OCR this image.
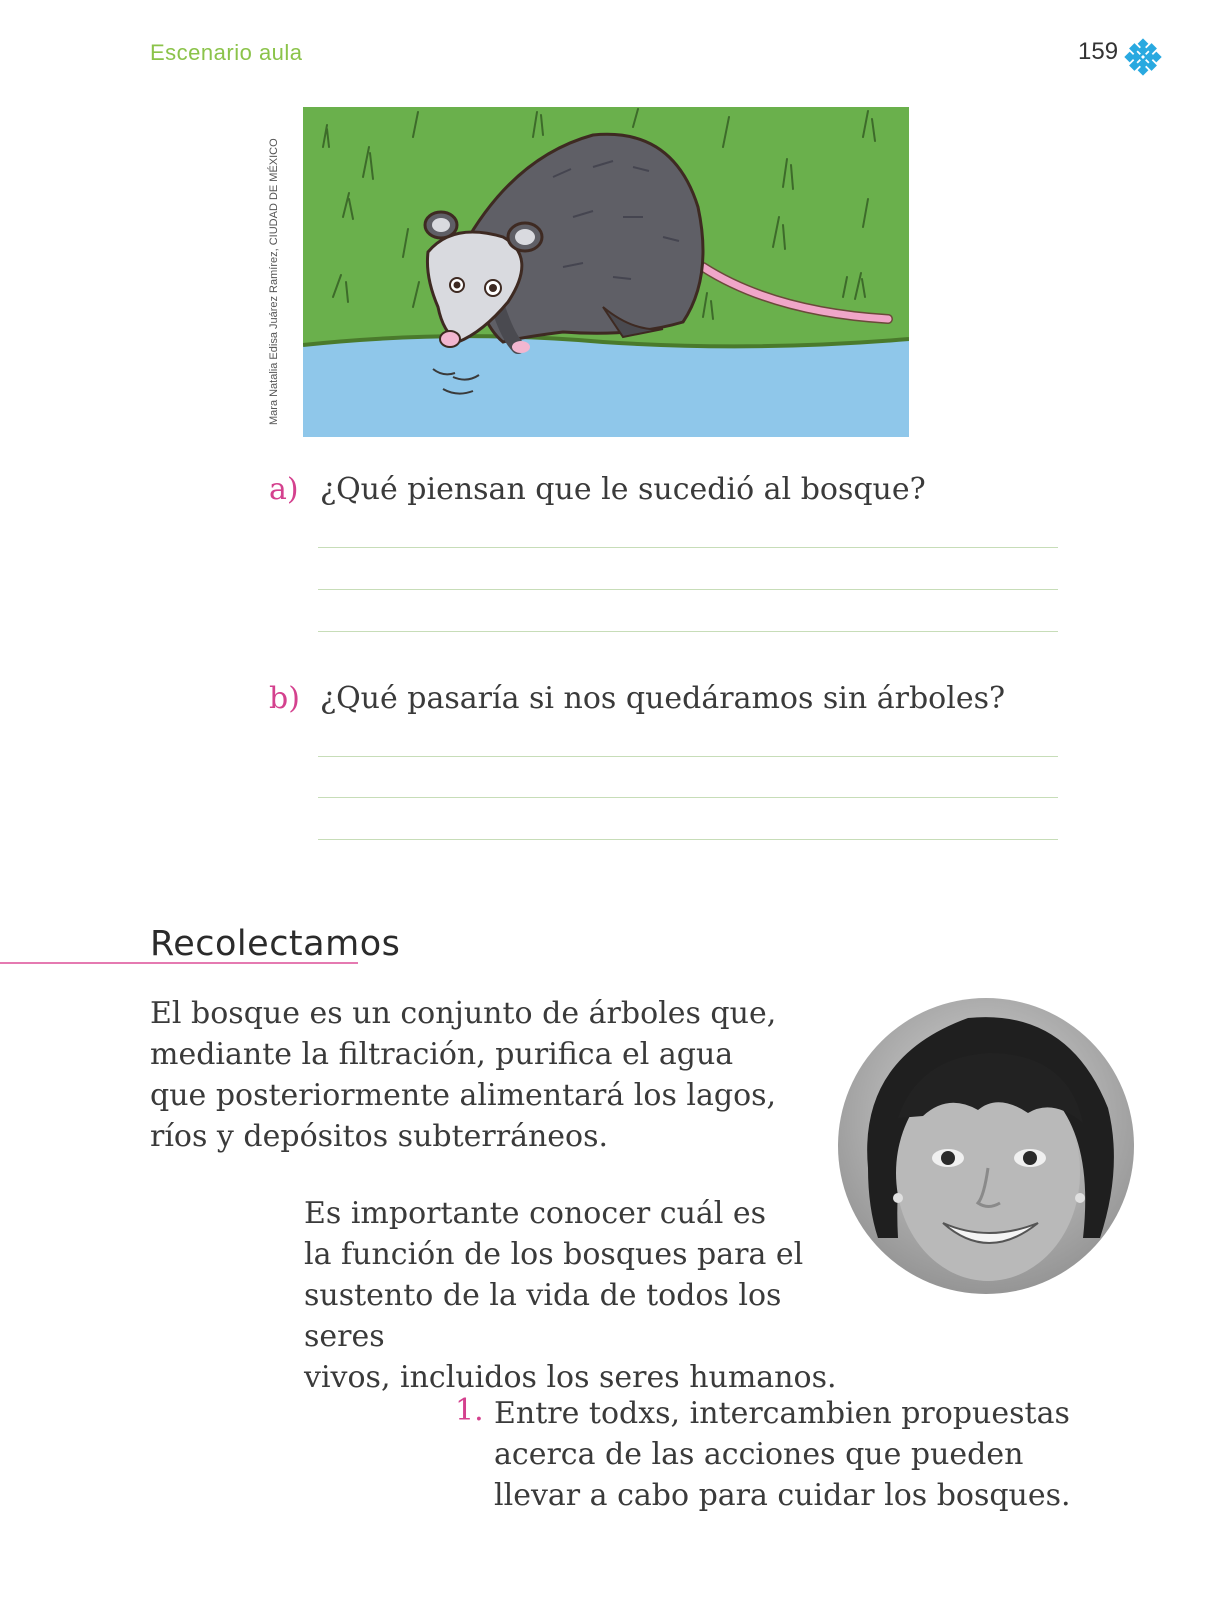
Escenario aula	159
Mara Natalia Edisa Juárez Ramírez, CIUDAD DE MÉXICO
a) ¿Qué piensan que le sucedió al bosque?
b) ¿Qué pasaría si nos quedáramos sin árboles?
Recolectamos
El bosque es un conjunto de árboles que,
mediante la filtración, purifica el agua
que posteriormente alimentará los lagos,
ríos y depósitos subterráneos.
Es importante conocer cuál es
la función de los bosques para el
sustento de la vida de todos los seres
vivos, incluidos los seres humanos.
1. Entre todxs, intercambien propuestas
acerca de las acciones que pueden
llevar a cabo para cuidar los bosques.
